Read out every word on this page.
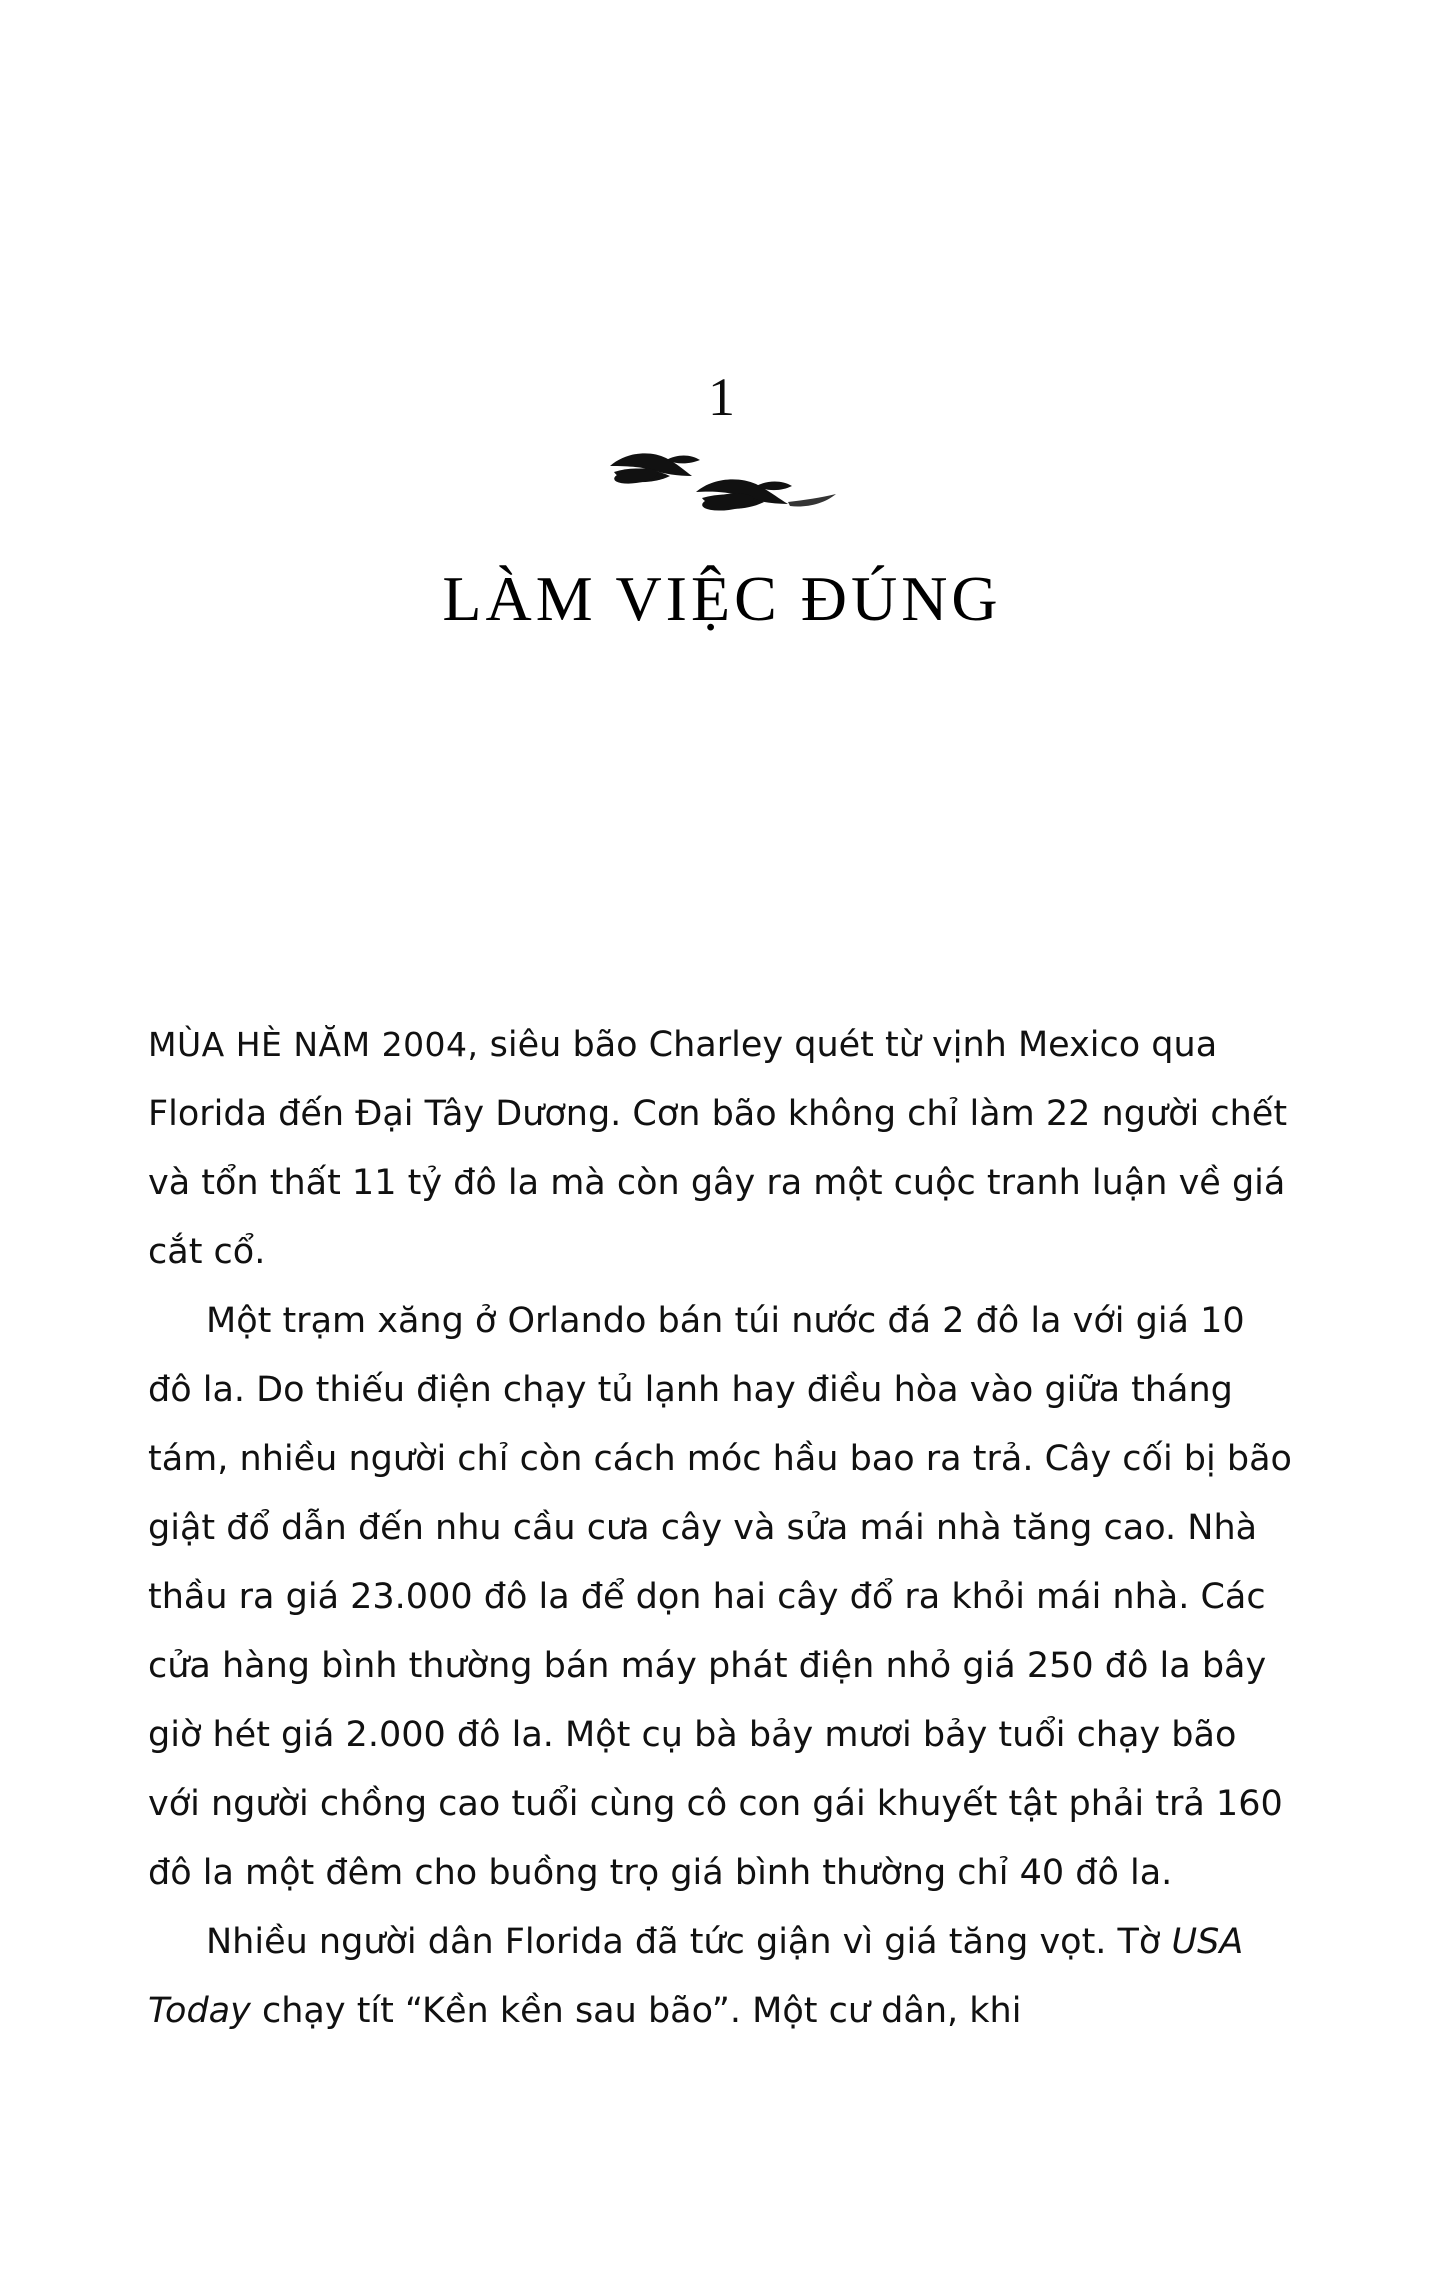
1
LÀM VIỆC ĐÚNG

MÙA HÈ NĂM 2004, siêu bão Charley quét từ vịnh Mexico qua Florida đến Đại Tây Dương. Cơn bão không chỉ làm 22 người chết và tổn thất 11 tỷ đô la mà còn gây ra một cuộc tranh luận về giá cắt cổ.

Một trạm xăng ở Orlando bán túi nước đá 2 đô la với giá 10 đô la. Do thiếu điện chạy tủ lạnh hay điều hòa vào giữa tháng tám, nhiều người chỉ còn cách móc hầu bao ra trả. Cây cối bị bão giật đổ dẫn đến nhu cầu cưa cây và sửa mái nhà tăng cao. Nhà thầu ra giá 23.000 đô la để dọn hai cây đổ ra khỏi mái nhà. Các cửa hàng bình thường bán máy phát điện nhỏ giá 250 đô la bây giờ hét giá 2.000 đô la. Một cụ bà bảy mươi bảy tuổi chạy bão với người chồng cao tuổi cùng cô con gái khuyết tật phải trả 160 đô la một đêm cho buồng trọ giá bình thường chỉ 40 đô la.

Nhiều người dân Florida đã tức giận vì giá tăng vọt. Tờ USA Today chạy tít “Kền kền sau bão”. Một cư dân, khi
